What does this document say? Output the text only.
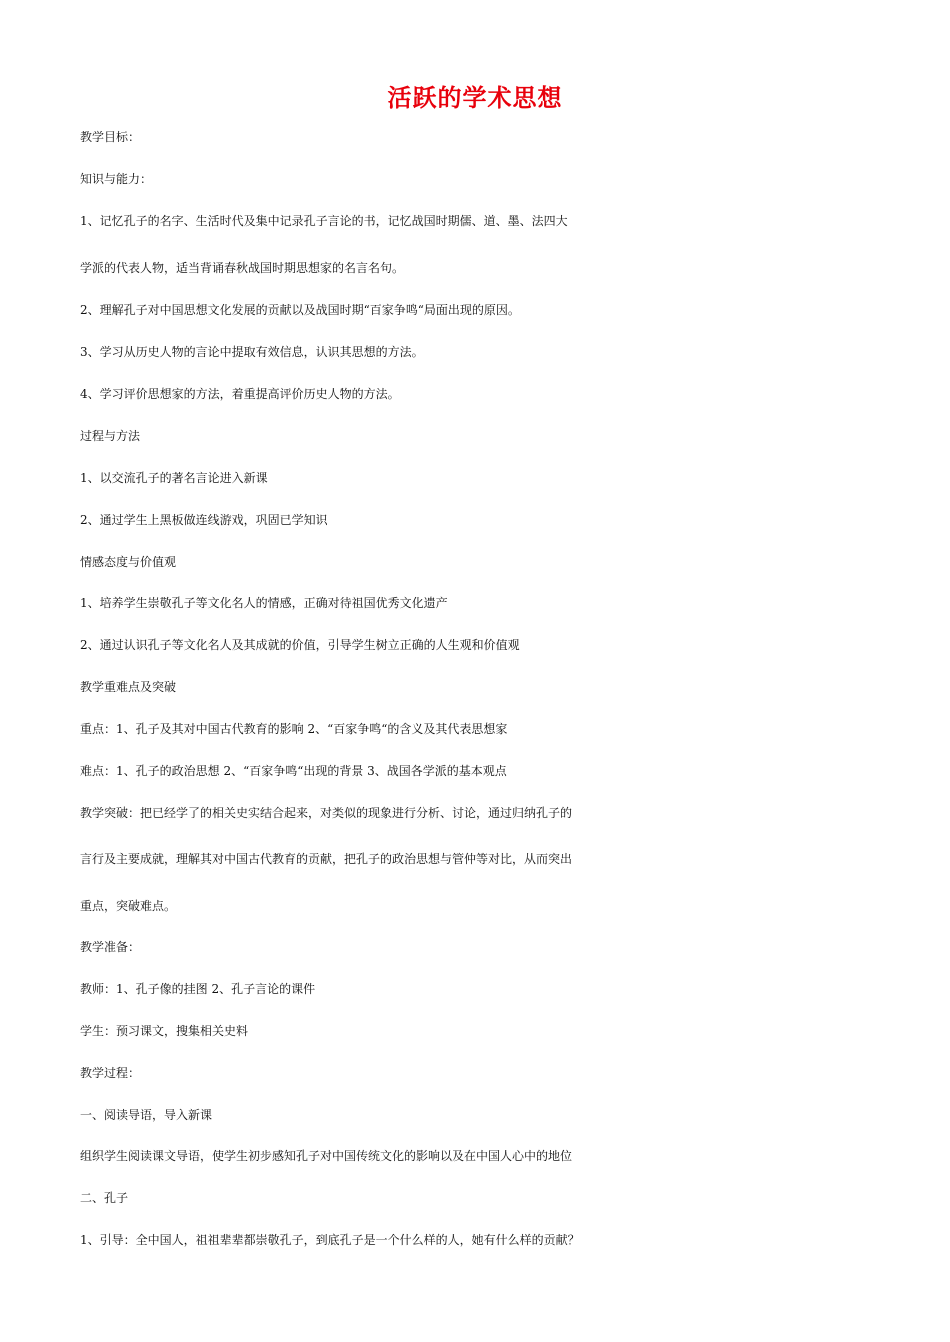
活跃的学术思想
教学目标：
知识与能力：
1、记忆孔子的名字、生活时代及集中记录孔子言论的书，记忆战国时期儒、道、墨、法四大
学派的代表人物，适当背诵春秋战国时期思想家的名言名句。
2、理解孔子对中国思想文化发展的贡献以及战国时期“百家争鸣“局面出现的原因。
3、学习从历史人物的言论中提取有效信息，认识其思想的方法。
4、学习评价思想家的方法，着重提高评价历史人物的方法。
过程与方法
1、以交流孔子的著名言论进入新课
2、通过学生上黑板做连线游戏，巩固已学知识
情感态度与价值观
1、培养学生崇敬孔子等文化名人的情感，正确对待祖国优秀文化遗产
2、通过认识孔子等文化名人及其成就的价值，引导学生树立正确的人生观和价值观
教学重难点及突破
重点：1、孔子及其对中国古代教育的影响 2、“百家争鸣“的含义及其代表思想家
难点：1、孔子的政治思想 2、“百家争鸣“出现的背景 3、战国各学派的基本观点
教学突破：把已经学了的相关史实结合起来，对类似的现象进行分析、讨论，通过归纳孔子的
言行及主要成就，理解其对中国古代教育的贡献，把孔子的政治思想与管仲等对比，从而突出
重点，突破难点。
教学准备：
教师：1、孔子像的挂图 2、孔子言论的课件
学生：预习课文，搜集相关史料
教学过程：
一、阅读导语，导入新课
组织学生阅读课文导语，使学生初步感知孔子对中国传统文化的影响以及在中国人心中的地位
二、孔子
1、引导：全中国人，祖祖辈辈都崇敬孔子，到底孔子是一个什么样的人，她有什么样的贡献？
